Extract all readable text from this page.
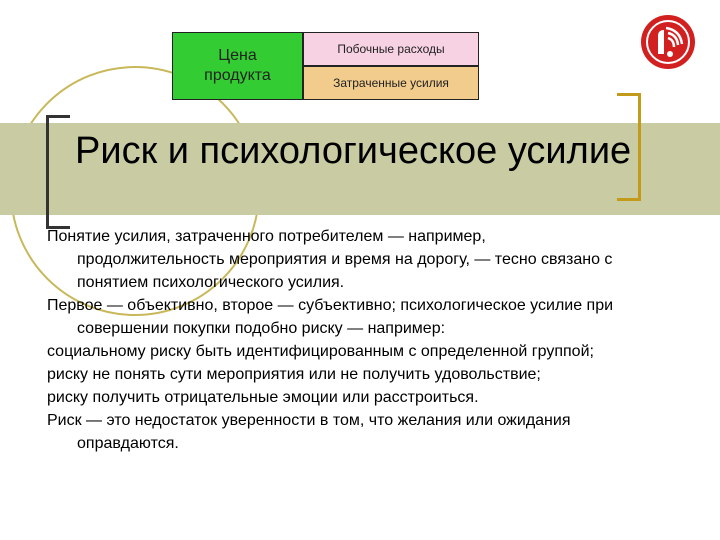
Цена
продукта
Побочные расходы
Затраченные усилия
Риск и психологическое усилие

Понятие усилия, затраченного потребителем — например, продолжительность мероприятия и время на дорогу, — тесно связано с понятием психологического усилия.

Первое — объективно, второе — субъективно; психологическое усилие при совершении покупки подобно риску — например:

социальному риску быть идентифицированным с определенной группой;

риску не понять сути мероприятия или не получить удовольствие;

риску получить отрицательные эмоции или расстроиться.

Риск — это недостаток уверенности в том, что желания или ожидания оправдаются.
